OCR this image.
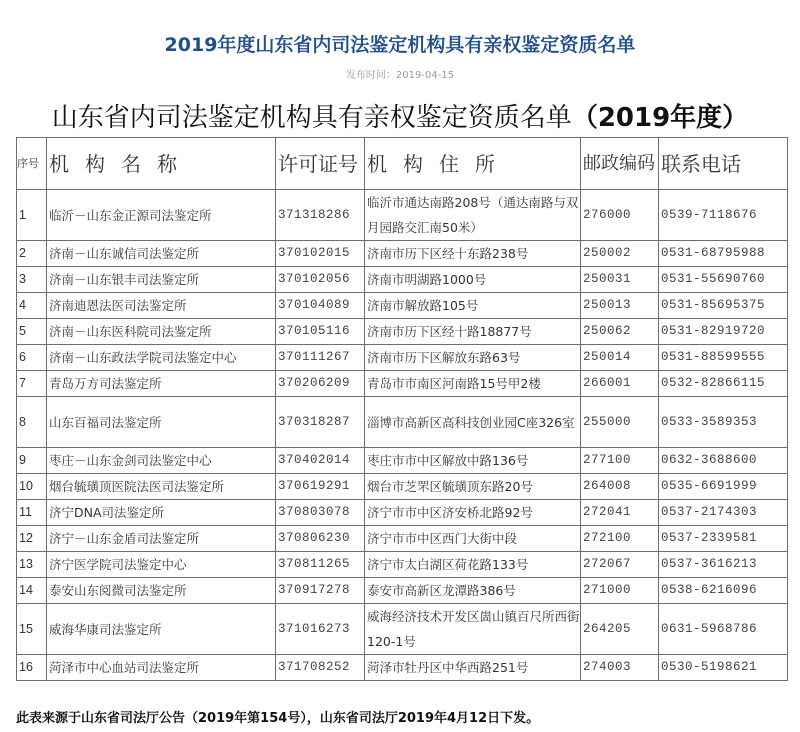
2019年度山东省内司法鉴定机构具有亲权鉴定资质名单
发布时间：2019-04-15
山东省内司法鉴定机构具有亲权鉴定资质名单（2019年度）
序号	机构名称	许可证号	机构住所	邮政编码	联系电话
1	临沂－山东金正源司法鉴定所	371318286	临沂市通达南路208号（通达南路与双月园路交汇南50米）	276000	0539-7118676
2	济南－山东诚信司法鉴定所	370102015	济南市历下区经十东路238号	250002	0531-68795988
3	济南－山东银丰司法鉴定所	370102056	济南市明湖路1000号	250031	0531-55690760
4	济南迪恩法医司法鉴定所	370104089	济南市解放路105号	250013	0531-85695375
5	济南－山东医科院司法鉴定所	370105116	济南市历下区经十路18877号	250062	0531-82919720
6	济南－山东政法学院司法鉴定中心	370111267	济南市历下区解放东路63号	250014	0531-88599555
7	青岛万方司法鉴定所	370206209	青岛市市南区河南路15号甲2楼	266001	0532-82866115
8	山东百福司法鉴定所	370318287	淄博市高新区高科技创业园C座326室	255000	0533-3589353
9	枣庄－山东金剑司法鉴定中心	370402014	枣庄市市中区解放中路136号	277100	0632-3688600
10	烟台毓璜顶医院法医司法鉴定所	370619291	烟台市芝罘区毓璜顶东路20号	264008	0535-6691999
11	济宁DNA司法鉴定所	370803078	济宁市市中区济安桥北路92号	272041	0537-2174303
12	济宁－山东金盾司法鉴定所	370806230	济宁市市中区西门大街中段	272100	0537-2339581
13	济宁医学院司法鉴定中心	370811265	济宁市太白湖区荷花路133号	272067	0537-3616213
14	泰安山东阅微司法鉴定所	370917278	泰安市高新区龙潭路386号	271000	0538-6216096
15	威海华康司法鉴定所	371016273	威海经济技术开发区崮山镇百尺所西街120-1号	264205	0631-5968786
16	菏泽市中心血站司法鉴定所	371708252	菏泽市牡丹区中华西路251号	274003	0530-5198621
此表来源于山东省司法厅公告（2019年第154号），山东省司法厅2019年4月12日下发。
